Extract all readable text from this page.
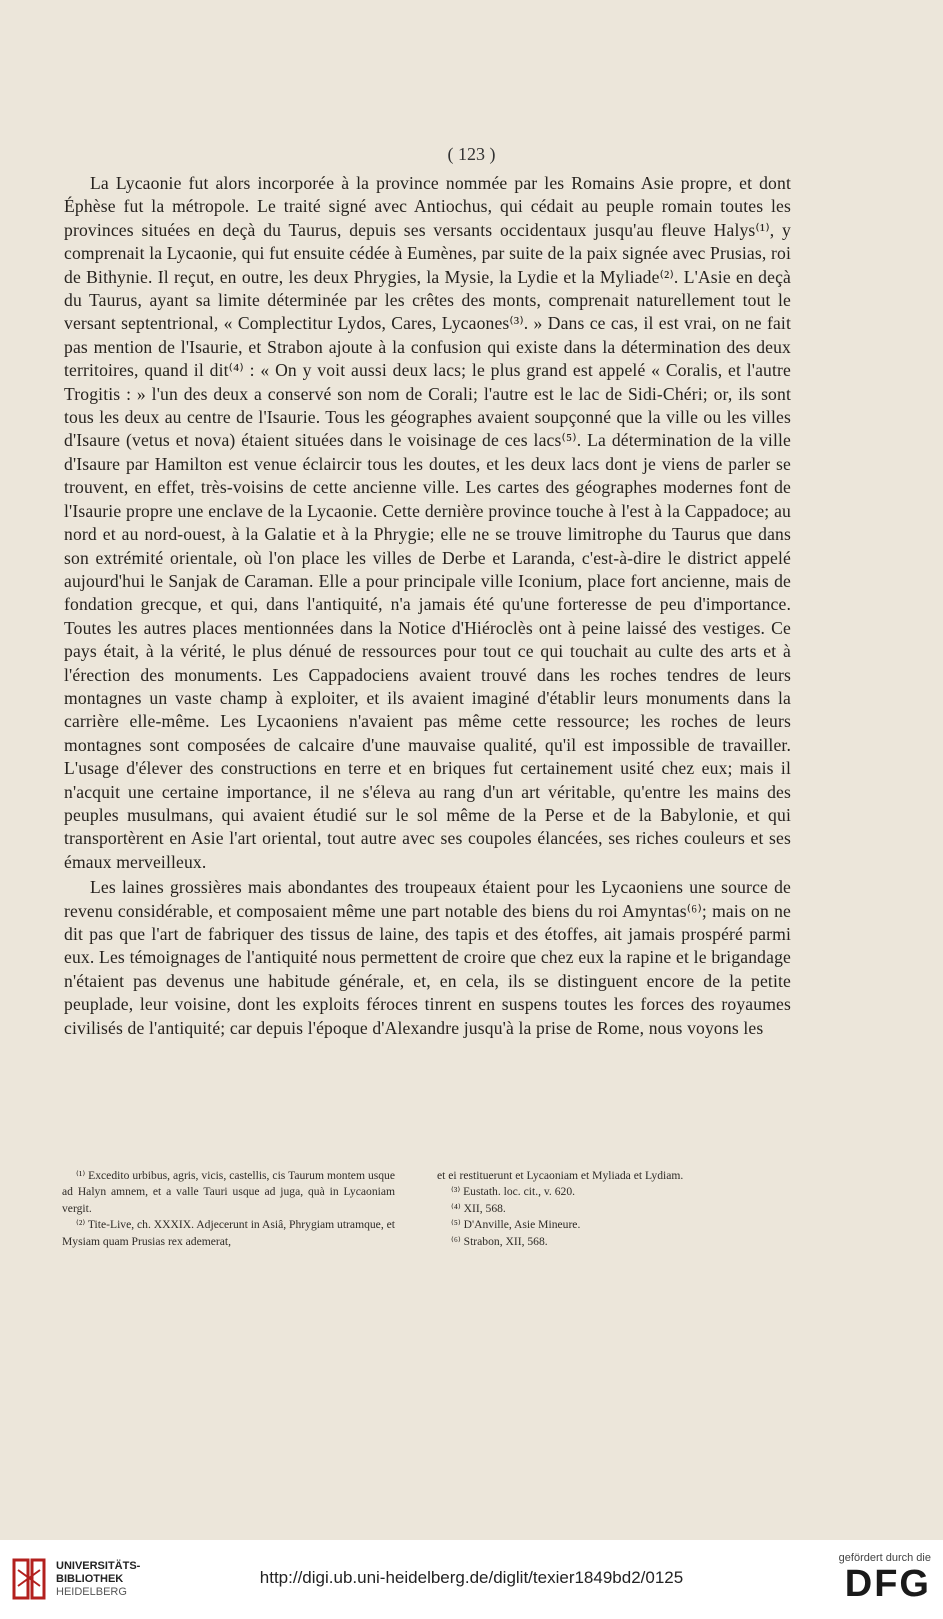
( 123 )

La Lycaonie fut alors incorporée à la province nommée par les Romains Asie propre, et dont Éphèse fut la métropole. Le traité signé avec Antiochus, qui cédait au peuple romain toutes les provinces situées en deçà du Taurus, depuis ses versants occidentaux jusqu'au fleuve Halys⁽¹⁾, y comprenait la Lycaonie, qui fut ensuite cédée à Eumènes, par suite de la paix signée avec Prusias, roi de Bithynie. Il reçut, en outre, les deux Phrygies, la Mysie, la Lydie et la Myliade⁽²⁾. L'Asie en deçà du Taurus, ayant sa limite déterminée par les crêtes des monts, comprenait naturellement tout le versant septentrional, « Complectitur Lydos, Cares, Lycaones⁽³⁾. » Dans ce cas, il est vrai, on ne fait pas mention de l'Isaurie, et Strabon ajoute à la confusion qui existe dans la détermination des deux territoires, quand il dit⁽⁴⁾ : « On y voit aussi deux lacs; le plus grand est appelé « Coralis, et l'autre Trogitis : » l'un des deux a conservé son nom de Corali; l'autre est le lac de Sidi-Chéri; or, ils sont tous les deux au centre de l'Isaurie. Tous les géographes avaient soupçonné que la ville ou les villes d'Isaure (vetus et nova) étaient situées dans le voisinage de ces lacs⁽⁵⁾. La détermination de la ville d'Isaure par Hamilton est venue éclaircir tous les doutes, et les deux lacs dont je viens de parler se trouvent, en effet, très-voisins de cette ancienne ville. Les cartes des géographes modernes font de l'Isaurie propre une enclave de la Lycaonie. Cette dernière province touche à l'est à la Cappadoce; au nord et au nord-ouest, à la Galatie et à la Phrygie; elle ne se trouve limitrophe du Taurus que dans son extrémité orientale, où l'on place les villes de Derbe et Laranda, c'est-à-dire le district appelé aujourd'hui le Sanjak de Caraman. Elle a pour principale ville Iconium, place fort ancienne, mais de fondation grecque, et qui, dans l'antiquité, n'a jamais été qu'une forteresse de peu d'importance. Toutes les autres places mentionnées dans la Notice d'Hiéroclès ont à peine laissé des vestiges. Ce pays était, à la vérité, le plus dénué de ressources pour tout ce qui touchait au culte des arts et à l'érection des monuments. Les Cappadociens avaient trouvé dans les roches tendres de leurs montagnes un vaste champ à exploiter, et ils avaient imaginé d'établir leurs monuments dans la carrière elle-même. Les Lycaoniens n'avaient pas même cette ressource; les roches de leurs montagnes sont composées de calcaire d'une mauvaise qualité, qu'il est impossible de travailler. L'usage d'élever des constructions en terre et en briques fut certainement usité chez eux; mais il n'acquit une certaine importance, il ne s'éleva au rang d'un art véritable, qu'entre les mains des peuples musulmans, qui avaient étudié sur le sol même de la Perse et de la Babylonie, et qui transportèrent en Asie l'art oriental, tout autre avec ses coupoles élancées, ses riches couleurs et ses émaux merveilleux.

Les laines grossières mais abondantes des troupeaux étaient pour les Lycaoniens une source de revenu considérable, et composaient même une part notable des biens du roi Amyntas⁽⁶⁾; mais on ne dit pas que l'art de fabriquer des tissus de laine, des tapis et des étoffes, ait jamais prospéré parmi eux. Les témoignages de l'antiquité nous permettent de croire que chez eux la rapine et le brigandage n'étaient pas devenus une habitude générale, et, en cela, ils se distinguent encore de la petite peuplade, leur voisine, dont les exploits féroces tinrent en suspens toutes les forces des royaumes civilisés de l'antiquité; car depuis l'époque d'Alexandre jusqu'à la prise de Rome, nous voyons les

⁽¹⁾ Excedito urbibus, agris, vicis, castellis, cis Taurum montem usque ad Halyn amnem, et a valle Tauri usque ad juga, quà in Lycaoniam vergit.

⁽²⁾ Tite-Live, ch. XXXIX. Adjecerunt in Asiâ, Phrygiam utramque, et Mysiam quam Prusias rex ademerat,

et ei restituerunt et Lycaoniam et Myliada et Lydiam.

⁽³⁾ Eustath. loc. cit., v. 620.

⁽⁴⁾ XII, 568.

⁽⁵⁾ D'Anville, Asie Mineure.

⁽⁶⁾ Strabon, XII, 568.

UNIVERSITÄTS-
BIBLIOTHEK
HEIDELBERG
http://digi.ub.uni-heidelberg.de/diglit/texier1849bd2/0125
gefördert durch die
DFG
